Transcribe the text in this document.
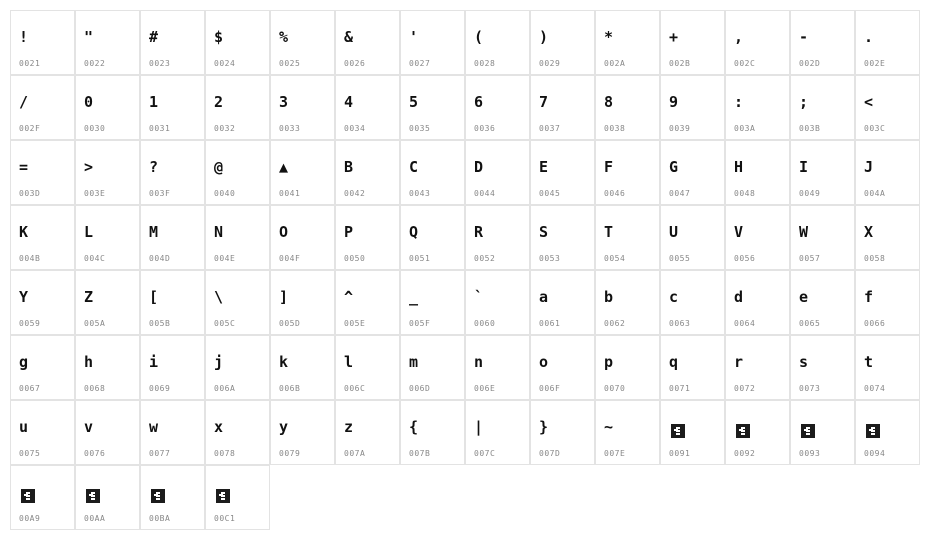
!
0021
"
0022
#
0023
$
0024
%
0025
&
0026
'
0027
(
0028
)
0029
*
002A
+
002B
,
002C
-
002D
.
002E
/
002F
0
0030
1
0031
2
0032
3
0033
4
0034
5
0035
6
0036
7
0037
8
0038
9
0039
:
003A
;
003B
<
003C
=
003D
>
003E
?
003F
@
0040
▲
0041
B
0042
C
0043
D
0044
E
0045
F
0046
G
0047
H
0048
I
0049
J
004A
K
004B
L
004C
M
004D
N
004E
O
004F
P
0050
Q
0051
R
0052
S
0053
T
0054
U
0055
V
0056
W
0057
X
0058
Y
0059
Z
005A
[
005B
\
005C
]
005D
^
005E
_
005F
`
0060
a
0061
b
0062
c
0063
d
0064
e
0065
f
0066
g
0067
h
0068
i
0069
j
006A
k
006B
l
006C
m
006D
n
006E
o
006F
p
0070
q
0071
r
0072
s
0073
t
0074
u
0075
v
0076
w
0077
x
0078
y
0079
z
007A
{
007B
|
007C
}
007D
~
007E	0091	0092	0093	0094
00A9	00AA	00BA	00C1
